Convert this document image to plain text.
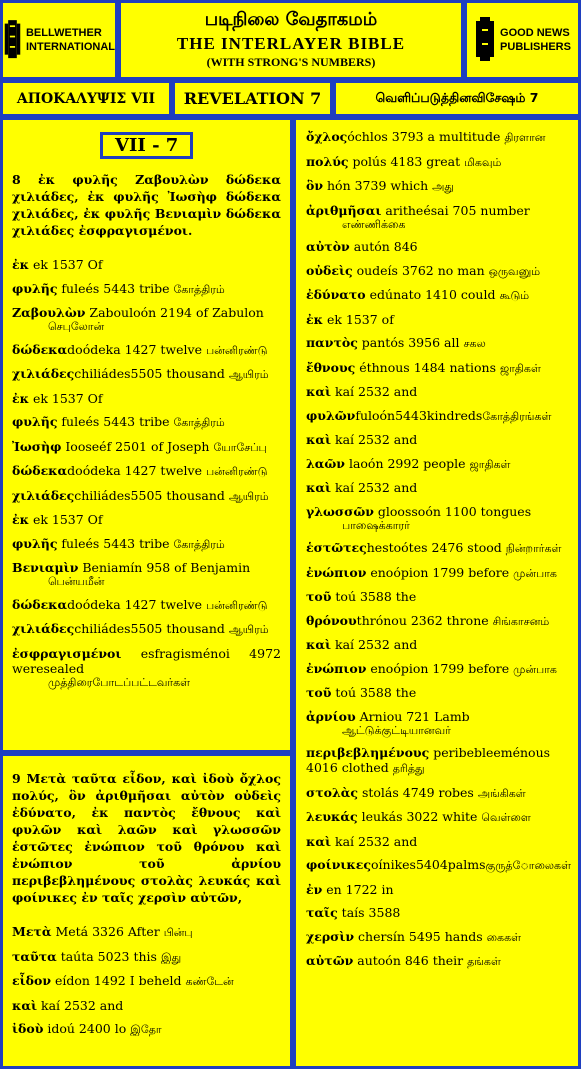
BELLWETHER
INTERNATIONAL
படிநிலை வேதாகமம்
THE INTERLAYER BIBLE
(WITH STRONG'S NUMBERS)
GOOD NEWS
PUBLISHERS
ΑΠΟΚΑΛΥΨΙΣ VII REVELATION 7	வெளிப்படுத்தினவிசேஷம் 7
VII - 7
8 ἐκ φυλῆς Ζαβουλὼν δώδεκα χιλιάδες, ἐκ φυλῆς Ἰωσὴφ δώδεκα χιλιάδες, ἐκ φυλῆς Βενιαμὶν δώδεκα χιλιάδες ἐσφραγισμένοι.
ἐκ ek 1537 Of
φυλῆς fuleés 5443 tribe கோத்திரம்
Ζαβουλὼν Zabouloón 2194 of Zabulon
செபுலோன்
δώδεκαdoódeka 1427 twelve பன்னிரண்டு
χιλιάδεςchiliádes5505 thousand ஆயிரம்
ἐκ ek 1537 Of
φυλῆς fuleés 5443 tribe கோத்திரம்
Ἰωσὴφ Iooseéf 2501 of Joseph யோசேப்பு
δώδεκαdoódeka 1427 twelve பன்னிரண்டு
χιλιάδεςchiliádes5505 thousand ஆயிரம்
ἐκ ek 1537 Of
φυλῆς fuleés 5443 tribe கோத்திரம்
Βενιαμὶν Beniamín 958 of Benjamin
பென்யமீன்
δώδεκαdoódeka 1427 twelve பன்னிரண்டு
χιλιάδεςchiliádes5505 thousand ஆயிரம்
ἐσφραγισμένοι esfragisménoi 4972 weresealed
முத்திரைபோடப்பட்டவர்கள்
9 Μετὰ ταῦτα εἶδον, καὶ ἰδοὺ ὄχλος πολύς, ὃν ἀριθμῆσαι αὐτὸν οὐδεὶς ἐδύνατο, ἐκ παντὸς ἔθνους καὶ φυλῶν καὶ λαῶν καὶ γλωσσῶν ἑστῶτες ἐνώπιον τοῦ θρόνου καὶ ἐνώπιον τοῦ ἀρνίου περιβεβλημένους στολὰς λευκάς καὶ φοίνικες ἐν ταῖς χερσὶν αὐτῶν,
Μετὰ Metá 3326 After பின்பு
ταῦτα taúta 5023 this இது
εἶδον eídon 1492 I beheld கண்டேன்
καὶ kaí 2532 and
ἰδοὺ idoú 2400 lo இதோ
ὄχλοςóchlos 3793 a multitude திரளான
πολύς polús 4183 great மிகவும்
ὃν hón 3739 which அது
ἀριθμῆσαι aritheésai 705 number
எண்ணிக்கை
αὐτὸν autón 846
οὐδεὶς oudeís 3762 no man ஒருவனும்
ἐδύνατο edúnato 1410 could கூடும்
ἐκ ek 1537 of
παντὸς pantós 3956 all சகல
ἔθνους éthnous 1484 nations ஜாதிகள்
καὶ kaí 2532 and
φυλῶνfuloón5443kindredsகோத்திரங்கள்
καὶ kaí 2532 and
λαῶν laoón 2992 people ஜாதிகள்
καὶ kaí 2532 and
γλωσσῶν gloossoón 1100 tongues
பாஷைக்காரர்
ἑστῶτεςhestoótes 2476 stood நின்றார்கள்
ἐνώπιον enoópion 1799 before முன்பாக
τοῦ toú 3588 the
θρόνουthrónou 2362 throne சிங்காசனம்
καὶ kaí 2532 and
ἐνώπιον enoópion 1799 before முன்பாக
τοῦ toú 3588 the
ἀρνίου Arniou 721 Lamb
ஆட்டுக்குட்டியானவர்
περιβεβλημένους peribebleeménous 4016 clothed தரித்து
στολὰς stolás 4749 robes அங்கிகள்
λευκάς leukás 3022 white வெள்ளை
καὶ kaí 2532 and
φοίνικεςoínikes5404palmsகுருத்ோலைகள்
ἐν en 1722 in
ταῖς taís 3588
χερσὶν chersín 5495 hands கைகள்
αὐτῶν autoón 846 their தங்கள்
